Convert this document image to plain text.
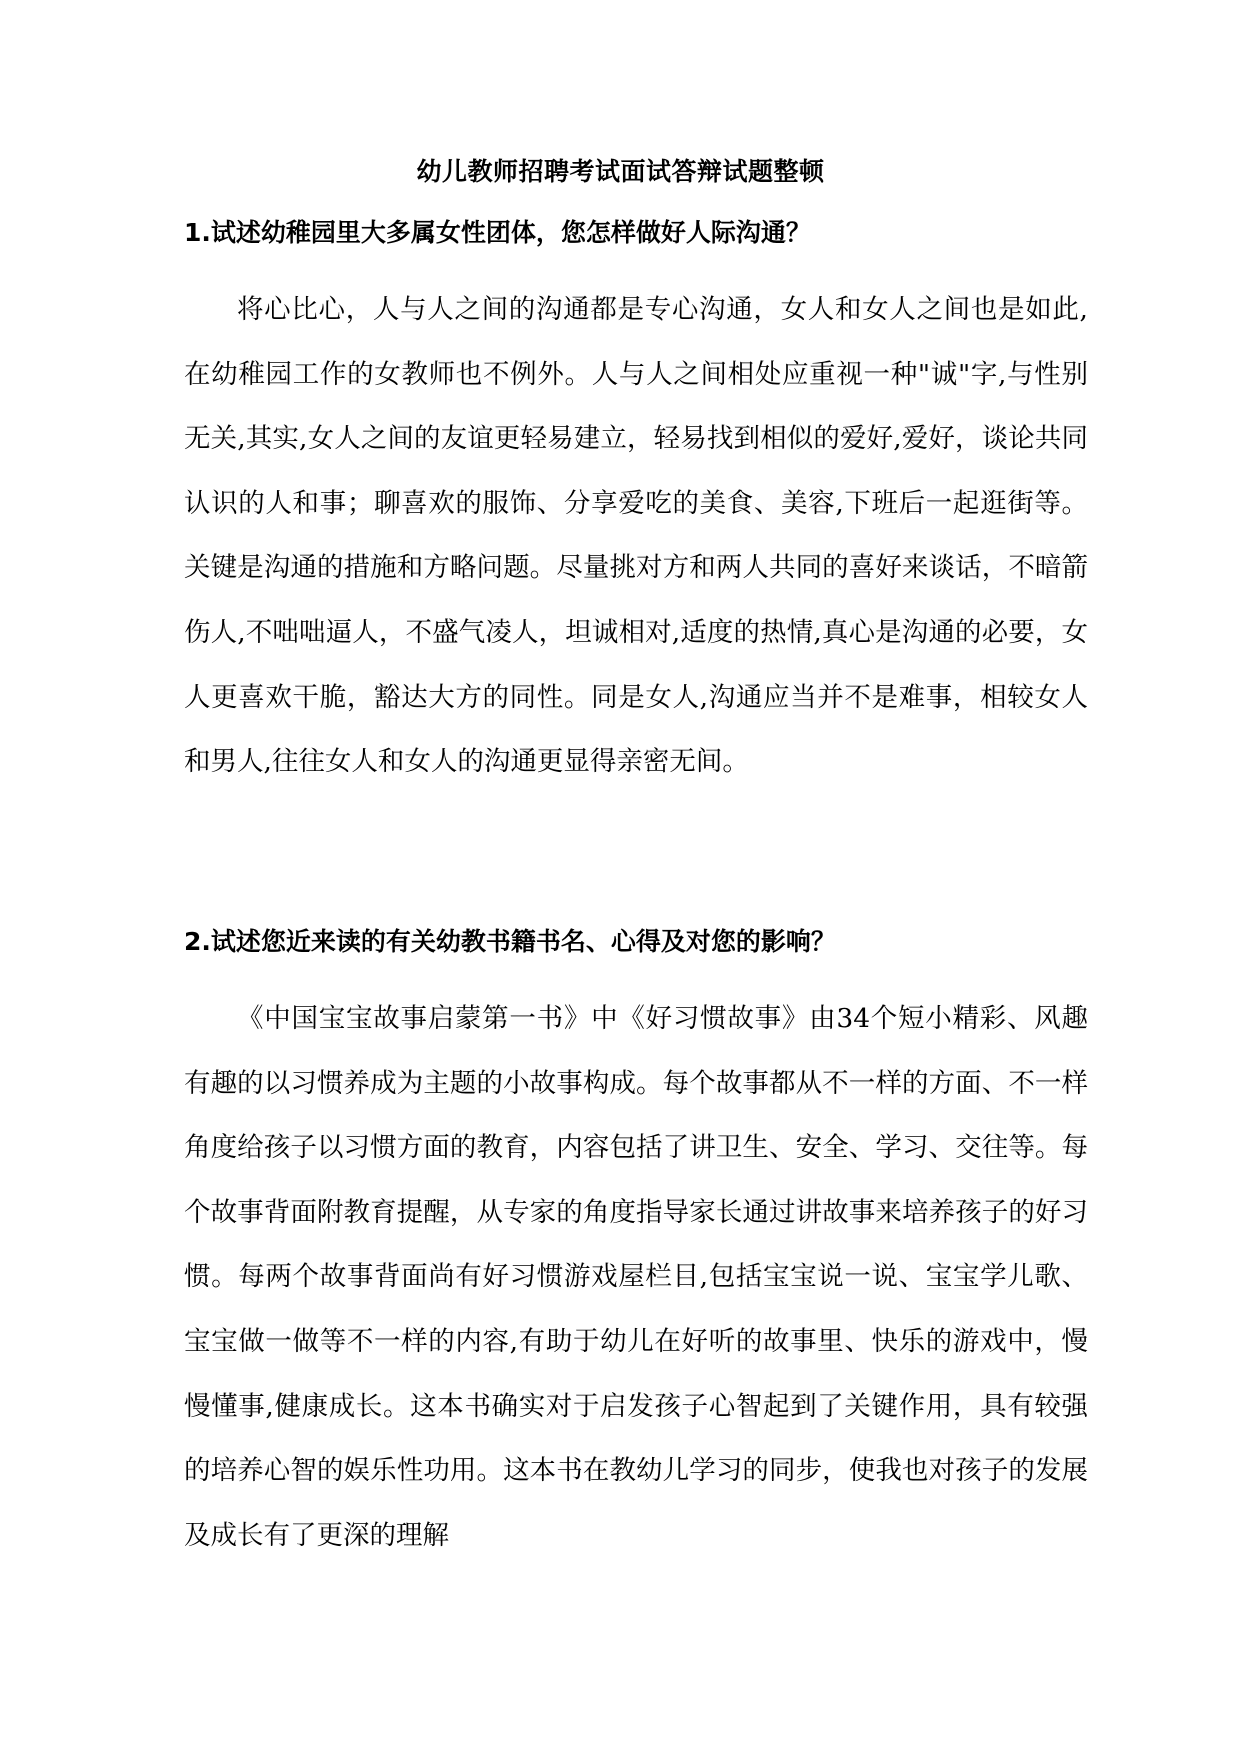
幼儿教师招聘考试面试答辩试题整顿
1.试述幼稚园里大多属女性团体，您怎样做好人际沟通？

将心比心，人与人之间的沟通都是专心沟通，女人和女人之间也是如此,在幼稚园工作的女教师也不例外。人与人之间相处应重视一种"诚"字,与性别无关,其实,女人之间的友谊更轻易建立，轻易找到相似的爱好,爱好，谈论共同认识的人和事；聊喜欢的服饰、分享爱吃的美食、美容,下班后一起逛街等。关键是沟通的措施和方略问题。尽量挑对方和两人共同的喜好来谈话，不暗箭伤人,不咄咄逼人，不盛气凌人，坦诚相对,适度的热情,真心是沟通的必要，女人更喜欢干脆，豁达大方的同性。同是女人,沟通应当并不是难事，相较女人和男人,往往女人和女人的沟通更显得亲密无间。

2.试述您近来读的有关幼教书籍书名、心得及对您的影响？

《中国宝宝故事启蒙第一书》中《好习惯故事》由34个短小精彩、风趣有趣的以习惯养成为主题的小故事构成。每个故事都从不一样的方面、不一样角度给孩子以习惯方面的教育，内容包括了讲卫生、安全、学习、交往等。每个故事背面附教育提醒，从专家的角度指导家长通过讲故事来培养孩子的好习惯。每两个故事背面尚有好习惯游戏屋栏目,包括宝宝说一说、宝宝学儿歌、宝宝做一做等不一样的内容,有助于幼儿在好听的故事里、快乐的游戏中，慢慢懂事,健康成长。这本书确实对于启发孩子心智起到了关键作用，具有较强的培养心智的娱乐性功用。这本书在教幼儿学习的同步，使我也对孩子的发展及成长有了更深的理解
